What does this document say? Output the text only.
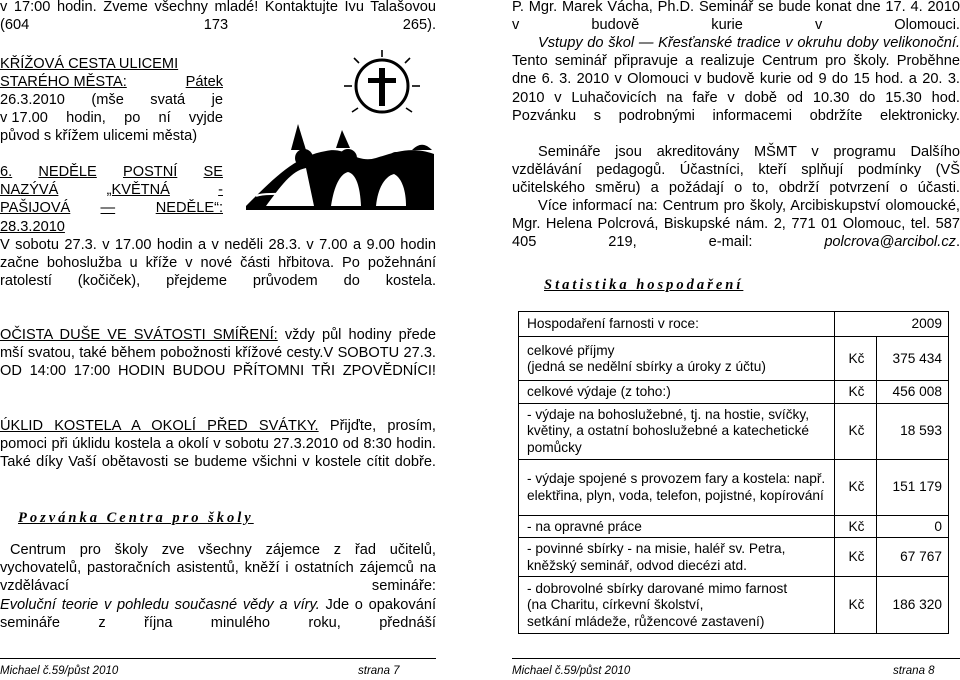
v 17:00 hodin. Zveme všechny mladé! Kontaktujte Ivu Talašovou (604 173 265).
KŘÍŽOVÁ CESTA ULICEMI
STARÉHO MĚSTA:	Pátek
26.3.2010 (mše svatá je
v 17.00 hodin, po ní vyjde
původ s křížem ulicemi města)
6. NEDĚLE POSTNÍ SE
NAZÝVÁ	„KVĚTNÁ	-
PAŠIJOVÁ —	NEDĚLE“:
28.3.2010
V sobotu 27.3. v 17.00 hodin a v neděli 28.3. v 7.00 a 9.00 hodin začne bohoslužba u kříže v nové části hřbitova. Po požehnání ratolestí (kočiček), přejdeme průvodem do kostela.
OČISTA DUŠE VE SVÁTOSTI SMÍŘENÍ: vždy půl hodiny přede mší svatou, také během pobožnosti křížové cesty.V SOBOTU 27.3. OD 14:00 17:00 HODIN BUDOU PŘÍTOMNI TŘI ZPOVĚDNÍCI!
ÚKLID KOSTELA A OKOLÍ PŘED SVÁTKY. Přijďte, prosím, pomoci při úklidu kostela a okolí v sobotu 27.3.2010 od 8:30 hodin. Také díky Vaší obětavosti se budeme všichni v kostele cítit dobře.
Pozvánka Centra pro školy
Centrum pro školy zve všechny zájemce z řad učitelů, vychovatelů, pastoračních asistentů, kněží i ostatních zájemců na vzdělávací semináře:
Evoluční teorie v pohledu současné vědy a víry. Jde o opakování semináře z října minulého roku, přednáší
P. Mgr. Marek Vácha, Ph.D. Seminář se bude konat dne 17. 4. 2010 v budově kurie v Olomouci.
Vstupy do škol — Křesťanské tradice v okruhu doby velikonoční. Tento seminář připravuje a realizuje Centrum pro školy. Proběhne dne 6. 3. 2010 v Olomouci v budově kurie od 9 do 15 hod. a 20. 3. 2010 v Luhačovicích na faře v době od 10.30 do 15.30 hod. Pozvánku s podrobnými informacemi obdržíte elektronicky.
Semináře jsou akreditovány MŠMT v programu Dalšího vzdělávání pedagogů. Účastníci, kteří splňují podmínky (VŠ učitelského směru) a požádají o to, obdrží potvrzení o účasti.
Více informací na: Centrum pro školy, Arcibiskupství olomoucké, Mgr. Helena Polcrová, Biskupské nám. 2, 771 01 Olomouc, tel. 587 405 219, e-mail: polcrova@arcibol.cz.
Statistika hospodaření
Hospodaření farnosti v roce:		2009
celkové příjmy
(jedná se nedělní sbírky a úroky z účtu)	Kč	375 434
celkové výdaje (z toho:)	Kč	456 008
- výdaje na bohoslužebné, tj. na hostie, svíčky, květiny, a ostatní bohoslužebné a katechetické pomůcky	Kč	18 593
- výdaje spojené s provozem fary a kostela: např. elektřina, plyn, voda, telefon, pojistné, kopírování	Kč	151 179
- na opravné práce	Kč	0
- povinné sbírky - na misie, haléř sv. Petra, kněžský seminář, odvod diecézi atd.	Kč	67 767
- dobrovolné sbírky darované mimo farnost
(na Charitu, církevní školství,
setkání mládeže, růžencové zastavení)	Kč	186 320
Michael č.59/půst 2010	strana 7	Michael č.59/půst 2010	strana 8
